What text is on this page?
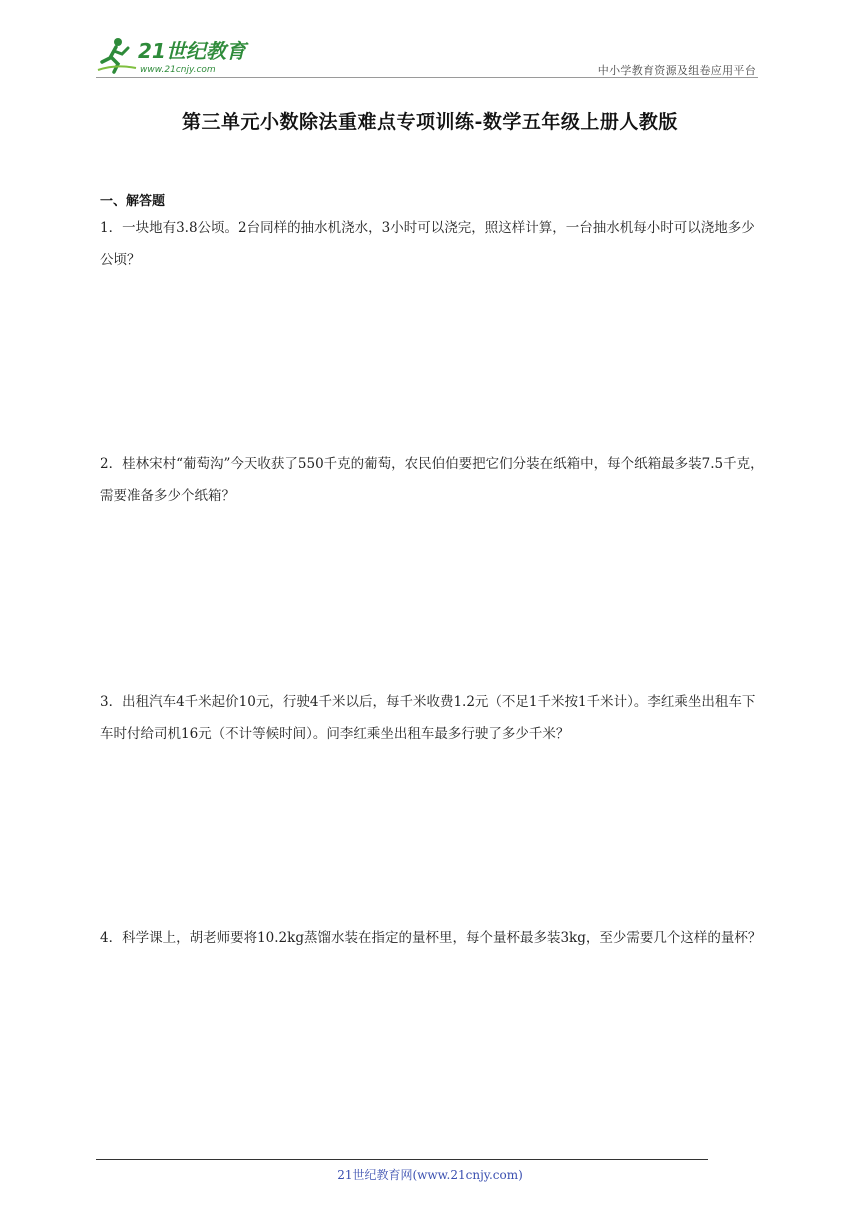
21世纪教育
www.21cnjy.com	中小学教育资源及组卷应用平台
第三单元小数除法重难点专项训练-数学五年级上册人教版
一、解答题
1．一块地有3.8公顷。2台同样的抽水机浇水，3小时可以浇完，照这样计算，一台抽水机每小时可以浇地多少公顷？
2．桂林宋村“葡萄沟”今天收获了550千克的葡萄，农民伯伯要把它们分装在纸箱中，每个纸箱最多装7.5千克，需要准备多少个纸箱？
3．出租汽车4千米起价10元，行驶4千米以后，每千米收费1.2元（不足1千米按1千米计）。李红乘坐出租车下车时付给司机16元（不计等候时间）。问李红乘坐出租车最多行驶了多少千米？
4．科学课上，胡老师要将10.2kg蒸馏水装在指定的量杯里，每个量杯最多装3kg，至少需要几个这样的量杯？
21世纪教育网(www.21cnjy.com)
